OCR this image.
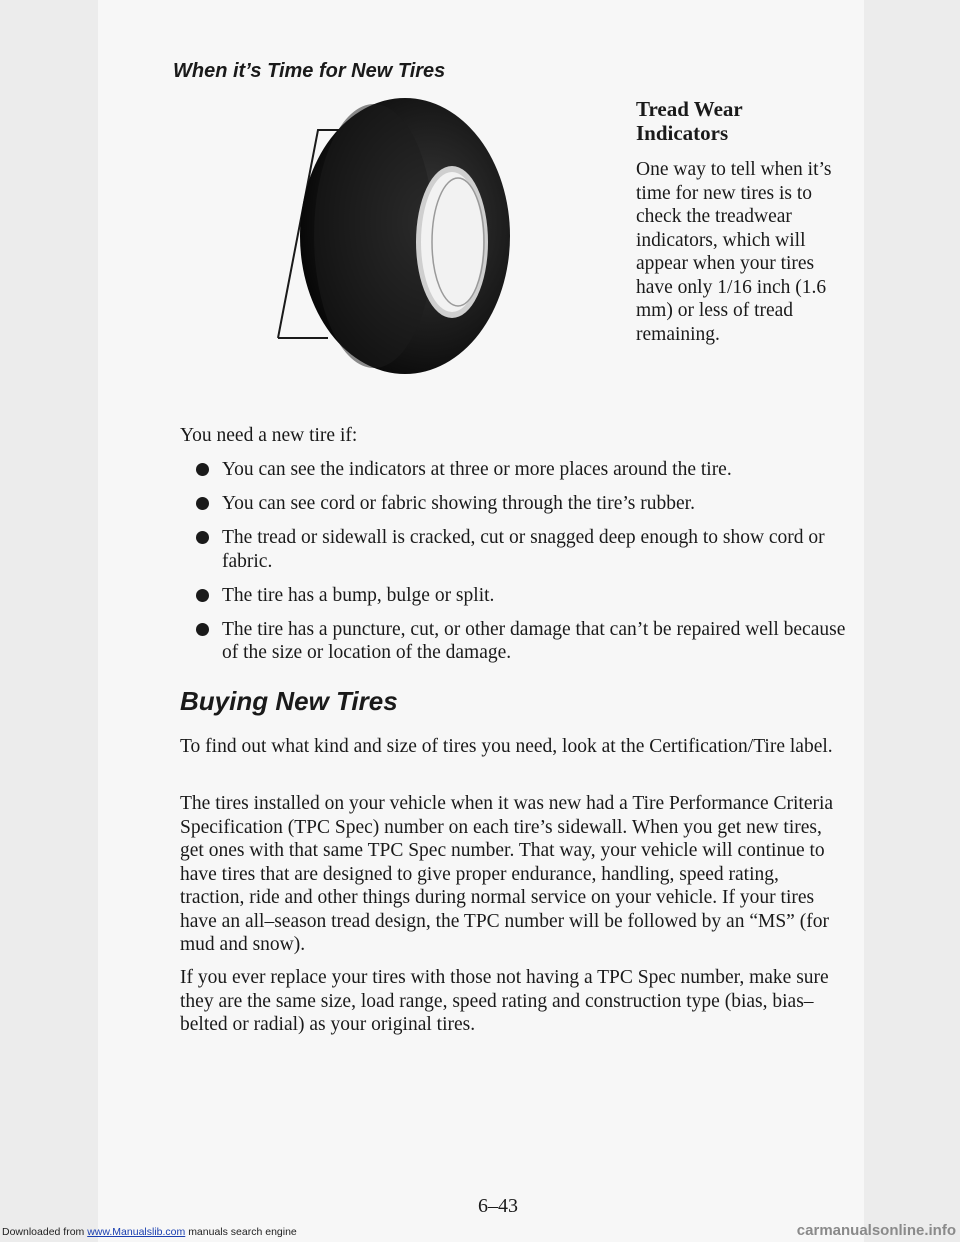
When it’s Time for New Tires
Tread Wear Indicators

One way to tell when it’s time for new tires is to check the treadwear indicators, which will appear when your tires have only 1/16 inch (1.6 mm) or less of tread remaining.

You need a new tire if:

You can see the indicators at three or more places around the tire.
You can see cord or fabric showing through the tire’s rubber.
The tread or sidewall is cracked, cut or snagged deep enough to show cord or fabric.
The tire has a bump, bulge or split.
The tire has a puncture, cut, or other damage that can’t be repaired well because of the size or location of the damage.
Buying New Tires

To find out what kind and size of tires you need, look at the Certification/Tire label.

The tires installed on your vehicle when it was new had a Tire Performance Criteria Specification (TPC Spec) number on each tire’s sidewall. When you get new tires, get ones with that same TPC Spec number. That way, your vehicle will continue to have tires that are designed to give proper endurance, handling, speed rating, traction, ride and other things during normal service on your vehicle. If your tires have an all–season tread design, the TPC number will be followed by an “MS” (for mud and snow).

If you ever replace your tires with those not having a TPC Spec number, make sure they are the same size, load range, speed rating and construction type (bias, bias–belted or radial) as your original tires.

6–43

Downloaded from www.Manualslib.com manuals search engine	carmanualsonline.info
